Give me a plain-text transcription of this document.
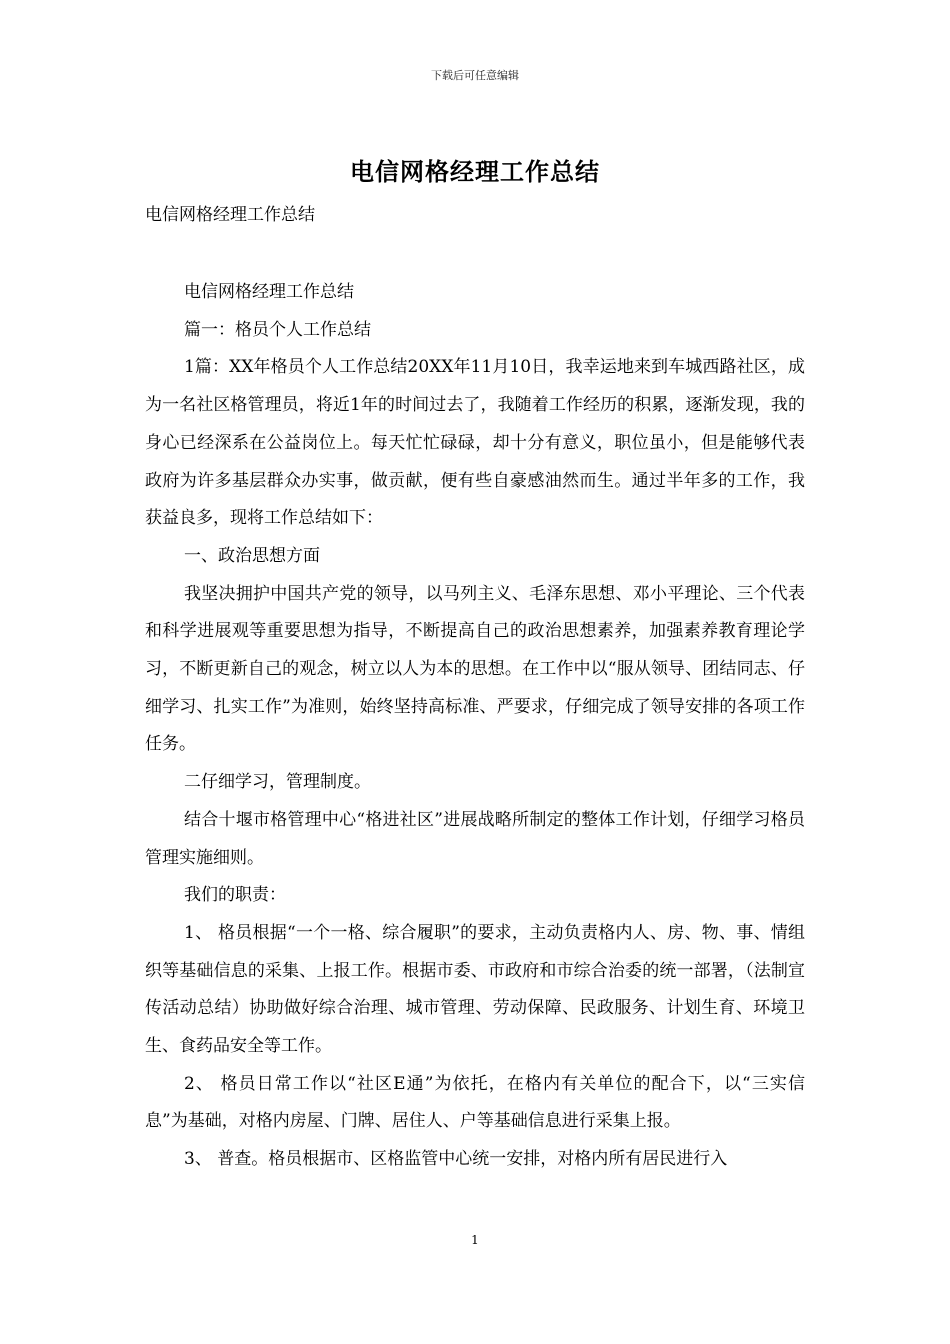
下载后可任意编辑
电信网格经理工作总结
电信网格经理工作总结

电信网格经理工作总结

篇一：格员个人工作总结

1篇：XX年格员个人工作总结20XX年11月10日，我幸运地来到车城西路社区，成为一名社区格管理员，将近1年的时间过去了，我随着工作经历的积累，逐渐发现，我的身心已经深系在公益岗位上。每天忙忙碌碌，却十分有意义，职位虽小，但是能够代表政府为许多基层群众办实事，做贡献，便有些自豪感油然而生。通过半年多的工作，我获益良多，现将工作总结如下：

一、政治思想方面

我坚决拥护中国共产党的领导，以马列主义、毛泽东思想、邓小平理论、三个代表和科学进展观等重要思想为指导，不断提高自己的政治思想素养，加强素养教育理论学习，不断更新自己的观念，树立以人为本的思想。在工作中以“服从领导、团结同志、仔细学习、扎实工作”为准则，始终坚持高标准、严要求，仔细完成了领导安排的各项工作任务。

二仔细学习，管理制度。

结合十堰市格管理中心“格进社区”进展战略所制定的整体工作计划，仔细学习格员管理实施细则。

我们的职责：

1、 格员根据“一个一格、综合履职”的要求，主动负责格内人、房、物、事、情组织等基础信息的采集、上报工作。根据市委、市政府和市综合治委的统一部署，（法制宣传活动总结）协助做好综合治理、城市管理、劳动保障、民政服务、计划生育、环境卫生、食药品安全等工作。

2、 格员日常工作以“社区E通”为依托，在格内有关单位的配合下，以“三实信息”为基础，对格内房屋、门牌、居住人、户等基础信息进行采集上报。

3、 普查。格员根据市、区格监管中心统一安排，对格内所有居民进行入

1
